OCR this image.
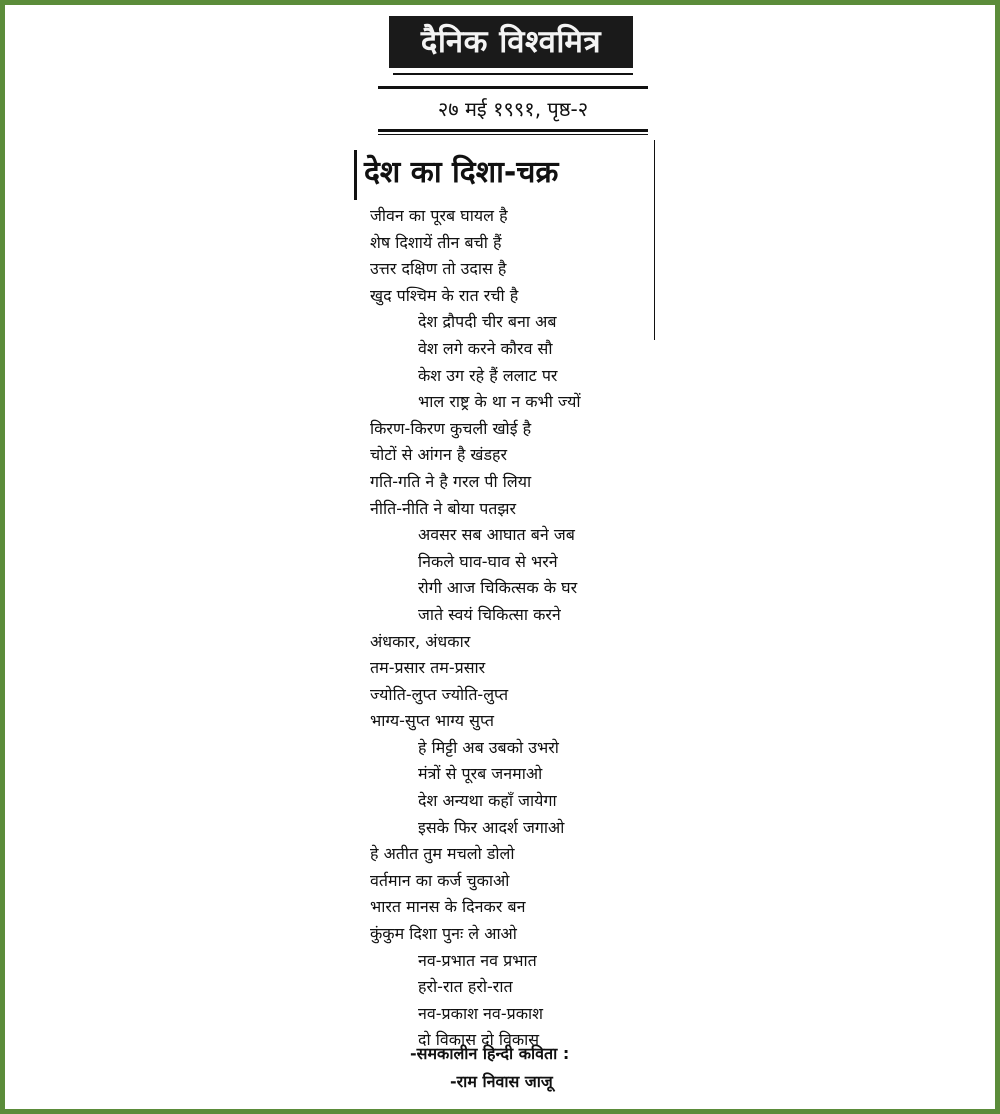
दैनिक विश्वमित्र
२७ मई १९९१, पृष्ठ-२
देश का दिशा-चक्र
जीवन का पूरब घायल है
शेष दिशायें तीन बची हैं
उत्तर दक्षिण तो उदास है
खुद पश्चिम के रात रची है
देश द्रौपदी चीर बना अब
वेश लगे करने कौरव सौ
केश उग रहे हैं ललाट पर
भाल राष्ट्र के था न कभी ज्यों
किरण-किरण कुचली खोई है
चोटों से आंगन है खंडहर
गति-गति ने है गरल पी लिया
नीति-नीति ने बोया पतझर
अवसर सब आघात बने जब
निकले घाव-घाव से भरने
रोगी आज चिकित्सक के घर
जाते स्वयं चिकित्सा करने
अंधकार, अंधकार
तम-प्रसार तम-प्रसार
ज्योति-लुप्त ज्योति-लुप्त
भाग्य-सुप्त भाग्य सुप्त
हे मिट्टी अब उबको उभरो
मंत्रों से पूरब जनमाओ
देश अन्यथा कहाँ जायेगा
इसके फिर आदर्श जगाओ
हे अतीत तुम मचलो डोलो
वर्तमान का कर्ज चुकाओ
भारत मानस के दिनकर बन
कुंकुम दिशा पुनः ले आओ
नव-प्रभात नव प्रभात
हरो-रात हरो-रात
नव-प्रकाश नव-प्रकाश
दो विकास दो विकास
-समकालीन हिन्दी कविता :
-राम निवास जाजू
